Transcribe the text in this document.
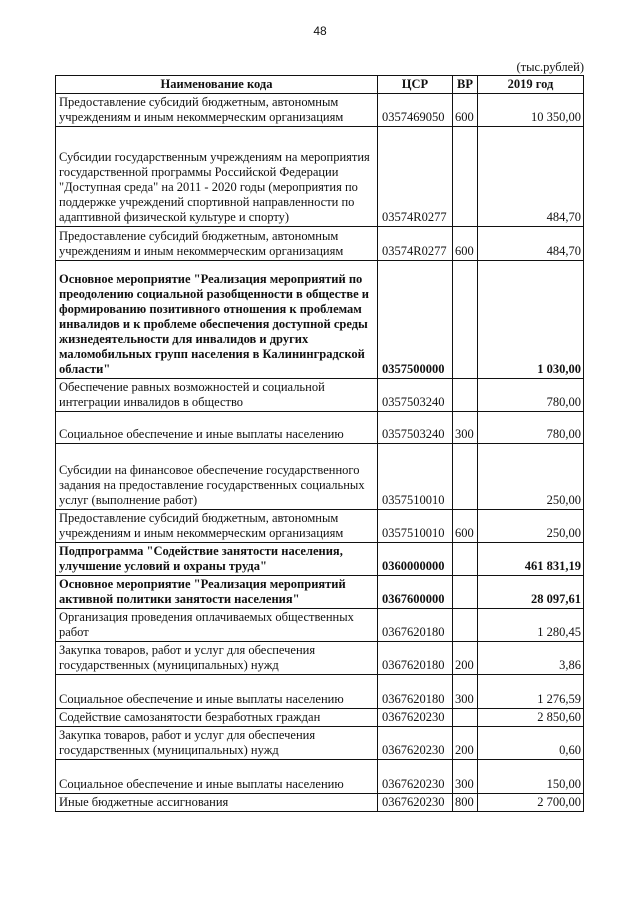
48
(тыс.рублей)
Наименование кода	ЦСР	ВР	2019 год
Предоставление субсидий бюджетным, автономным учреждениям и иным некоммерческим организациям	0357469050	600	10 350,00
Субсидии государственным учреждениям на мероприятия государственной программы Российской Федерации "Доступная среда" на 2011 - 2020 годы (мероприятия по поддержке учреждений спортивной направленности по адаптивной физической культуре и спорту)	03574R0277		484,70
Предоставление субсидий бюджетным, автономным учреждениям и иным некоммерческим организациям	03574R0277	600	484,70
Основное мероприятие "Реализация мероприятий по преодолению социальной разобщенности в обществе и формированию позитивного отношения к проблемам инвалидов и к проблеме обеспечения доступной среды жизнедеятельности для инвалидов и других маломобильных групп населения в Калининградской области"	0357500000		1 030,00
Обеспечение равных возможностей и социальной интеграции инвалидов в общество	0357503240		780,00
Социальное обеспечение и иные выплаты населению	0357503240	300	780,00
Субсидии на финансовое обеспечение государственного задания на предоставление государственных социальных услуг (выполнение работ)	0357510010		250,00
Предоставление субсидий бюджетным, автономным учреждениям и иным некоммерческим организациям	0357510010	600	250,00
Подпрограмма "Содействие занятости населения, улучшение условий и охраны труда"	0360000000		461 831,19
Основное мероприятие "Реализация мероприятий активной политики занятости населения"	0367600000		28 097,61
Организация проведения оплачиваемых общественных работ	0367620180		1 280,45
Закупка товаров, работ и услуг для обеспечения государственных (муниципальных) нужд	0367620180	200	3,86
Социальное обеспечение и иные выплаты населению	0367620180	300	1 276,59
Содействие самозанятости безработных граждан	0367620230		2 850,60
Закупка товаров, работ и услуг для обеспечения государственных (муниципальных) нужд	0367620230	200	0,60
Социальное обеспечение и иные выплаты населению	0367620230	300	150,00
Иные бюджетные ассигнования	0367620230	800	2 700,00
